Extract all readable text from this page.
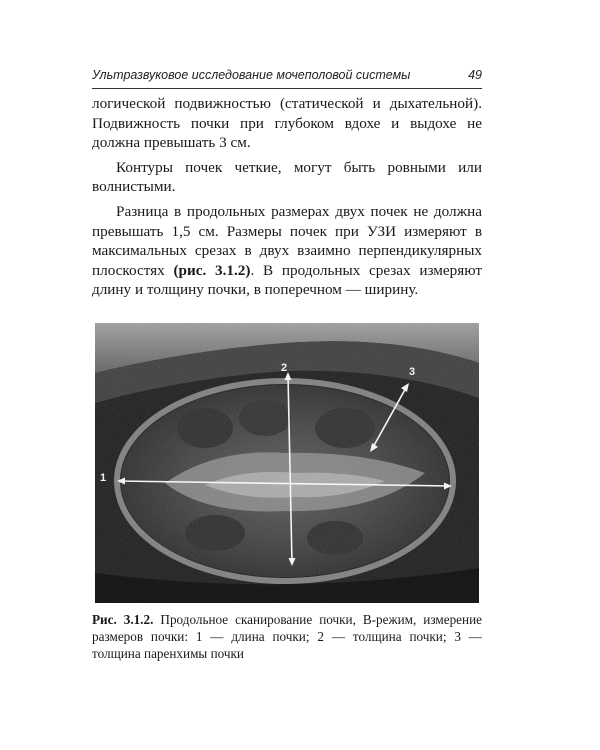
Ультразвуковое исследование мочеполовой системы	49

логической подвижностью (статической и дыхательной). Подвижность почки при глубоком вдохе и выдохе не должна превышать 3 см.

Контуры почек четкие, могут быть ровными или волнистыми.

Разница в продольных размерах двух почек не должна превышать 1,5 см. Размеры почек при УЗИ измеряют в максимальных срезах в двух взаимно перпендикулярных плоскостях (рис. 3.1.2). В продольных срезах измеряют длину и толщину почки, в поперечном — ширину.

1
2	3
Рис. 3.1.2. Продольное сканирование почки, В-режим, измерение размеров почки: 1 — длина почки; 2 — толщина почки; 3 — толщина паренхимы почки
